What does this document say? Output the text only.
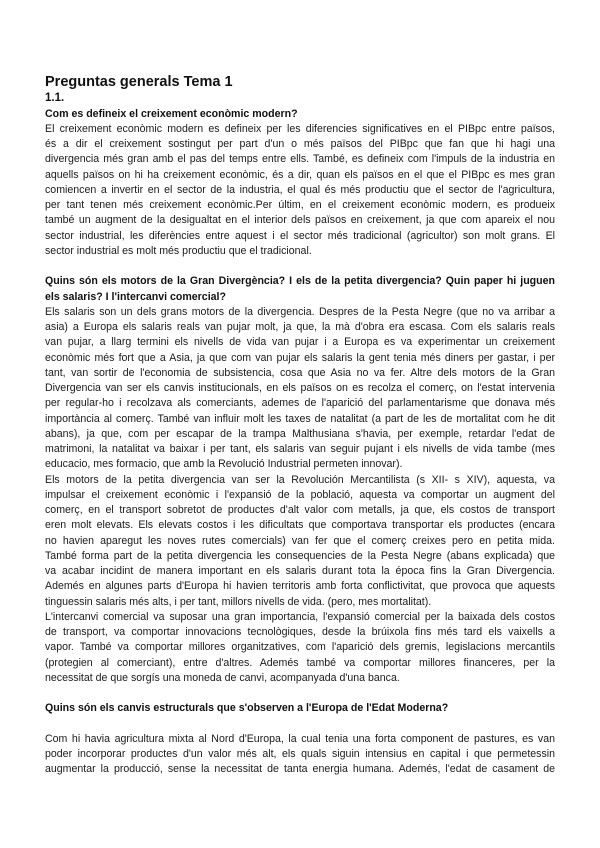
Preguntas generals Tema 1
1.1.
Com es defineix el creixement econòmic modern?
El creixement econòmic modern es defineix per les diferencies significatives en el PIBpc entre països,
és a dir el creixement sostingut per part d'un o més països del PIBpc que fan que hi hagi una
divergencia més gran amb el pas del temps entre ells. També, es defineix com l'impuls de la industria en
aquells països on hi ha creixement econòmic, és a dir, quan els països en el que el PIBpc es mes gran
comiencen a invertir en el sector de la industria, el qual és més productiu que el sector de l'agricultura,
per tant tenen més creixement econòmic.Per últim, en el creixement econòmic modern, es produeix
també un augment de la desigualtat en el interior dels països en creixement, ja que com apareix el nou
sector industrial, les diferències entre aquest i el sector més tradicional (agricultor) son molt grans. El
sector industrial es molt més productiu que el tradicional.
Quins són els motors de la Gran Divergència? I els de la petita divergencia? Quin paper hi juguen
els salaris? I l'intercanvi comercial?
Els salaris son un dels grans motors de la divergencia. Despres de la Pesta Negre (que no va arribar a
asia) a Europa els salaris reals van pujar molt, ja que, la mà d'obra era escasa. Com els salaris reals
van pujar, a llarg termini els nivells de vida van pujar i a Europa es va experimentar un creixement
econòmic més fort que a Asia, ja que com van pujar els salaris la gent tenia més diners per gastar, i per
tant, van sortir de l'economia de subsistencia, cosa que Asia no va fer. Altre dels motors de la Gran
Divergencia van ser els canvis institucionals, en els països on es recolza el comerç, on l'estat intervenia
per regular-ho i recolzava als comerciants, ademes de l'aparició del parlamentarisme que donava més
importància al comerç. També van influir molt les taxes de natalitat (a part de les de mortalitat com he dit
abans), ja que, com per escapar de la trampa Malthusiana s'havia, per exemple, retardar l'edat de
matrimoni, la natalitat va baixar i per tant, els salaris van seguir pujant i els nivells de vida tambe (mes
educacio, mes formacio, que amb la Revolució Industrial permeten innovar).
Els motors de la petita divergencia van ser la Revolución Mercantilista (s XII- s XIV), aquesta, va
impulsar el creixement econòmic i l'expansió de la població, aquesta va comportar un augment del
comerç, en el transport sobretot de productes d'alt valor com metalls, ja que, els costos de transport
eren molt elevats. Els elevats costos i les dificultats que comportava transportar els productes (encara
no havien aparegut les noves rutes comercials) van fer que el comerç creixes pero en petita mida.
També forma part de la petita divergencia les consequencies de la Pesta Negre (abans explicada) que
va acabar incidint de manera important en els salaris durant tota la época fins la Gran Divergencia.
Ademés en algunes parts d'Europa hi havien territoris amb forta conflictivitat, que provoca que aquests
tinguessin salaris més alts, i per tant, millors nivells de vida. (pero, mes mortalitat).
L'intercanvi comercial va suposar una gran importancia, l'expansió comercial per la baixada dels costos
de transport, va comportar innovacions tecnològiques, desde la brúixola fins més tard els vaixells a
vapor. També va comportar millores organitzatives, com l'aparició dels gremis, legislacions mercantils
(protegien al comerciant), entre d'altres. Ademés també va comportar millores financeres, per la
necessitat de que sorgís una moneda de canvi, acompanyada d'una banca.
Quins són els canvis estructurals que s'observen a l'Europa de l'Edat Moderna?
Com hi havia agricultura mixta al Nord d'Europa, la cual tenia una forta component de pastures, es van
poder incorporar productes d'un valor més alt, els quals siguin intensius en capital i que permetessin
augmentar la producció, sense la necessitat de tanta energia humana. Ademés, l'edat de casament de
